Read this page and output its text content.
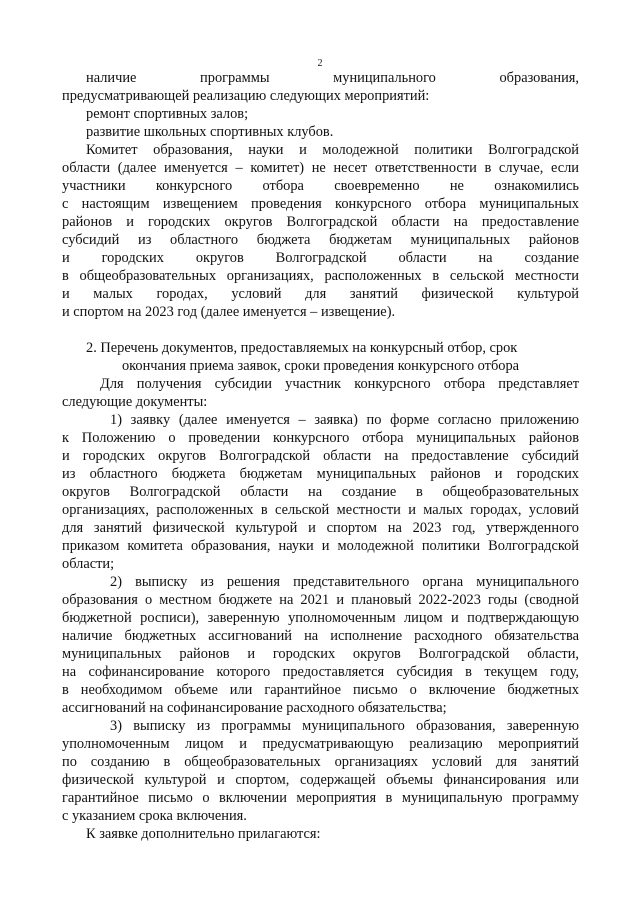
2
наличие программы муниципального образования,
предусматривающей реализацию следующих мероприятий:
ремонт спортивных залов;
развитие школьных спортивных клубов.
Комитет образования, науки и молодежной политики Волгоградской
области (далее именуется – комитет) не несет ответственности в случае, если
участники конкурсного отбора своевременно не ознакомились
с настоящим извещением проведения конкурсного отбора муниципальных
районов и городских округов Волгоградской области на предоставление
субсидий из областного бюджета бюджетам муниципальных районов
и городских округов Волгоградской области на создание
в общеобразовательных организациях, расположенных в сельской местности
и малых городах, условий для занятий физической культурой
и спортом на 2023 год (далее именуется – извещение).
2. Перечень документов, предоставляемых на конкурсный отбор, срок
окончания приема заявок, сроки проведения конкурсного отбора
Для получения субсидии участник конкурсного отбора представляет
следующие документы:
1) заявку (далее именуется – заявка) по форме согласно приложению
к Положению о проведении конкурсного отбора муниципальных районов
и городских округов Волгоградской области на предоставление субсидий
из областного бюджета бюджетам муниципальных районов и городских
округов Волгоградской области на создание в общеобразовательных
организациях, расположенных в сельской местности и малых городах, условий
для занятий физической культурой и спортом на 2023 год, утвержденного
приказом комитета образования, науки и молодежной политики Волгоградской
области;
2) выписку из решения представительного органа муниципального
образования о местном бюджете на 2021 и плановый 2022-2023 годы (сводной
бюджетной росписи), заверенную уполномоченным лицом и подтверждающую
наличие бюджетных ассигнований на исполнение расходного обязательства
муниципальных районов и городских округов Волгоградской области,
на софинансирование которого предоставляется субсидия в текущем году,
в необходимом объеме или гарантийное письмо о включение бюджетных
ассигнований на софинансирование расходного обязательства;
3) выписку из программы муниципального образования, заверенную
уполномоченным лицом и предусматривающую реализацию мероприятий
по созданию в общеобразовательных организациях условий для занятий
физической культурой и спортом, содержащей объемы финансирования или
гарантийное письмо о включении мероприятия в муниципальную программу
с указанием срока включения.
К заявке дополнительно прилагаются:
